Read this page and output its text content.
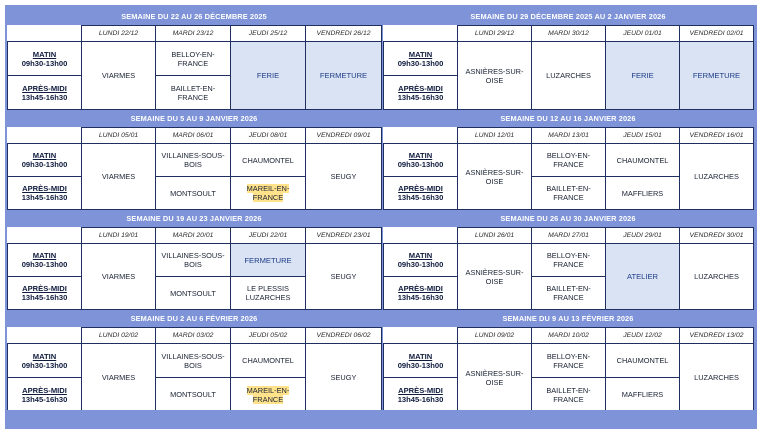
SEMAINE DU 22 AU 26 DÉCEMBRE 2025
	LUNDI 22/12	MARDI 23/12	JEUDI 25/12	VENDREDI 26/12

MATIN
09h30-13h00	VIARMES	BELLOY-EN-FRANCE	FERIE	FERMETURE

APRÈS-MIDI
13h45-16h30		BAILLET-EN-FRANCE		
SEMAINE DU 29 DÉCEMBRE 2025 AU 2 JANVIER 2026
	LUNDI 29/12	MARDI 30/12	JEUDI 01/01	VENDREDI 02/01

MATIN
09h30-13h00	ASNIÈRES-SUR-OISE	LUZARCHES	FERIE	FERMETURE

APRÈS-MIDI
13h45-16h30				
SEMAINE DU 5 AU 9 JANVIER 2026
	LUNDI 05/01	MARDI 06/01	JEUDI 08/01	VENDREDI 09/01

MATIN
09h30-13h00	VIARMES	VILLAINES-SOUS-BOIS	CHAUMONTEL	SEUGY

APRÈS-MIDI
13h45-16h30		MONTSOULT	MAREIL-EN-FRANCE	
SEMAINE DU 12 AU 16 JANVIER 2026
	LUNDI 12/01	MARDI 13/01	JEUDI 15/01	VENDREDI 16/01

MATIN
09h30-13h00	ASNIÈRES-SUR-OISE	BELLOY-EN-FRANCE	CHAUMONTEL	LUZARCHES

APRÈS-MIDI
13h45-16h30		BAILLET-EN-FRANCE	MAFFLIERS	
SEMAINE DU 19 AU 23 JANVIER 2026
	LUNDI 19/01	MARDI 20/01	JEUDI 22/01	VENDREDI 23/01

MATIN
09h30-13h00	VIARMES	VILLAINES-SOUS-BOIS	FERMETURE	SEUGY

APRÈS-MIDI
13h45-16h30		MONTSOULT	LE PLESSIS LUZARCHES	
SEMAINE DU 26 AU 30 JANVIER 2026
	LUNDI 26/01	MARDI 27/01	JEUDI 29/01	VENDREDI 30/01

MATIN
09h30-13h00	ASNIÈRES-SUR-OISE	BELLOY-EN-FRANCE	ATELIER	LUZARCHES

APRÈS-MIDI
13h45-16h30		BAILLET-EN-FRANCE		
SEMAINE DU 2 AU 6 FÉVRIER 2026
	LUNDI 02/02	MARDI 03/02	JEUDI 05/02	VENDREDI 06/02

MATIN
09h30-13h00	VIARMES	VILLAINES-SOUS-BOIS	CHAUMONTEL	SEUGY

APRÈS-MIDI
13h45-16h30		MONTSOULT	MAREIL-EN-FRANCE	
SEMAINE DU 9 AU 13 FÉVRIER 2026
	LUNDI 09/02	MARDI 10/02	JEUDI 12/02	VENDREDI 13/02

MATIN
09h30-13h00	ASNIÈRES-SUR-OISE	BELLOY-EN-FRANCE	CHAUMONTEL	LUZARCHES

APRÈS-MIDI
13h45-16h30		BAILLET-EN-FRANCE	MAFFLIERS	
